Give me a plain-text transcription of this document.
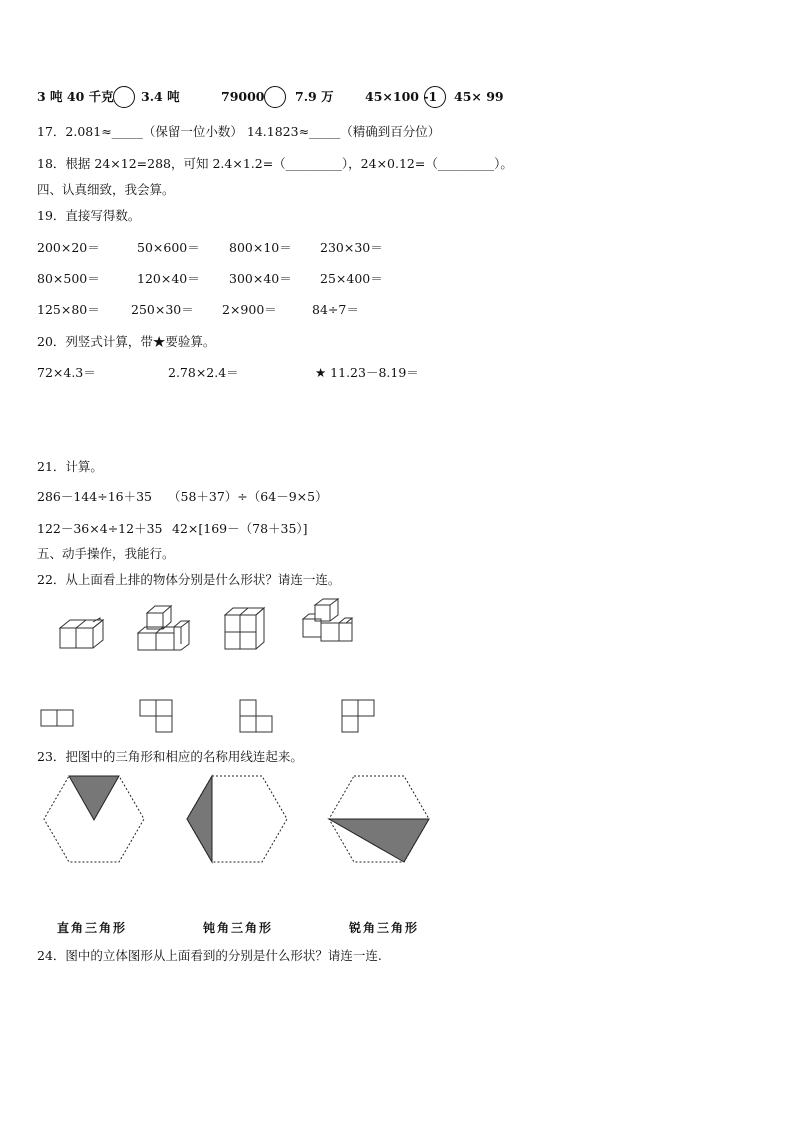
3 吨 40 千克 3.4 吨	79000 7.9 万	45×100 -1 45× 99
17．2.081≈_____（保留一位小数） 14.1823≈_____（精确到百分位）
18．根据 24×12=288，可知 2.4×1.2=（_________），24×0.12=（_________）。
四、认真细致，我会算。
19．直接写得数。
200×20＝	50×600＝ 800×10＝ 230×30＝
80×500＝	120×40＝ 300×40＝ 25×400＝
125×80＝	250×30＝ 2×900＝	84÷7＝
20．列竖式计算，带★要验算。
72×4.3＝	2.78×2.4＝	★ 11.23－8.19＝
21．计算。
286－144÷16＋35 （58＋37）÷（64－9×5）
122－36×4÷12＋35 42×[169－（78＋35）]
五、动手操作，我能行。
22．从上面看上排的物体分别是什么形状？请连一连。
23．把图中的三角形和相应的名称用线连起来。
直角三角形	钝角三角形	锐角三角形
24．图中的立体图形从上面看到的分别是什么形状？请连一连.
